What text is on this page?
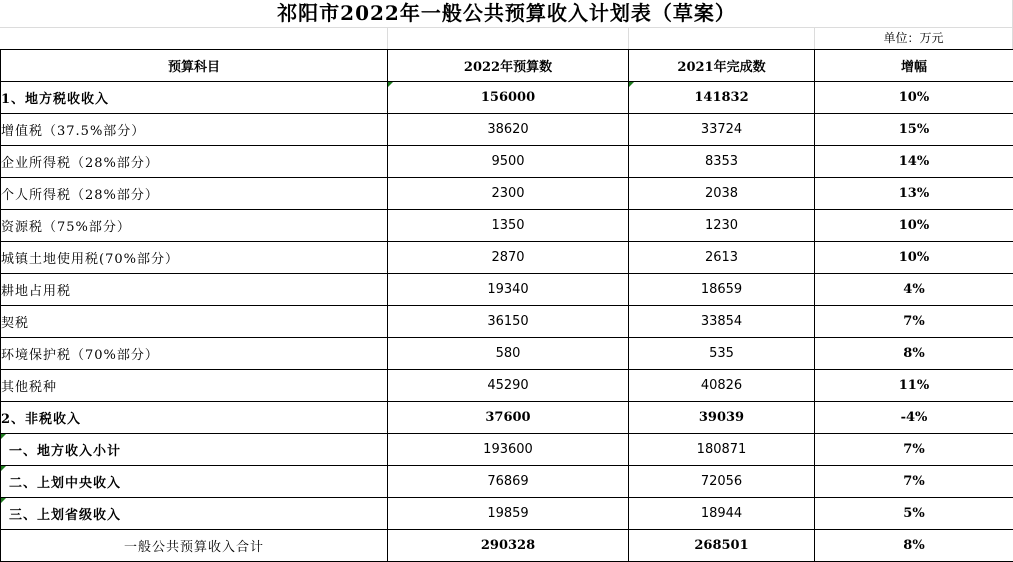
祁阳市2022年一般公共预算收入计划表（草案）
单位：万元
预算科目	2022年预算数	2021年完成数	增幅
1、地方税收收入	156000	141832	10%
增值税（37.5%部分）	38620	33724	15%
企业所得税（28%部分）	9500	8353	14%
个人所得税（28%部分）	2300	2038	13%
资源税（75%部分）	1350	1230	10%
城镇土地使用税(70%部分）	2870	2613	10%
耕地占用税	19340	18659	4%
契税	36150	33854	7%
环境保护税（70%部分）	580	535	8%
其他税种	45290	40826	11%
2、非税收入	37600	39039	-4%
一、地方收入小计	193600	180871	7%
二、上划中央收入	76869	72056	7%
三、上划省级收入	19859	18944	5%
一般公共预算收入合计	290328	268501	8%
